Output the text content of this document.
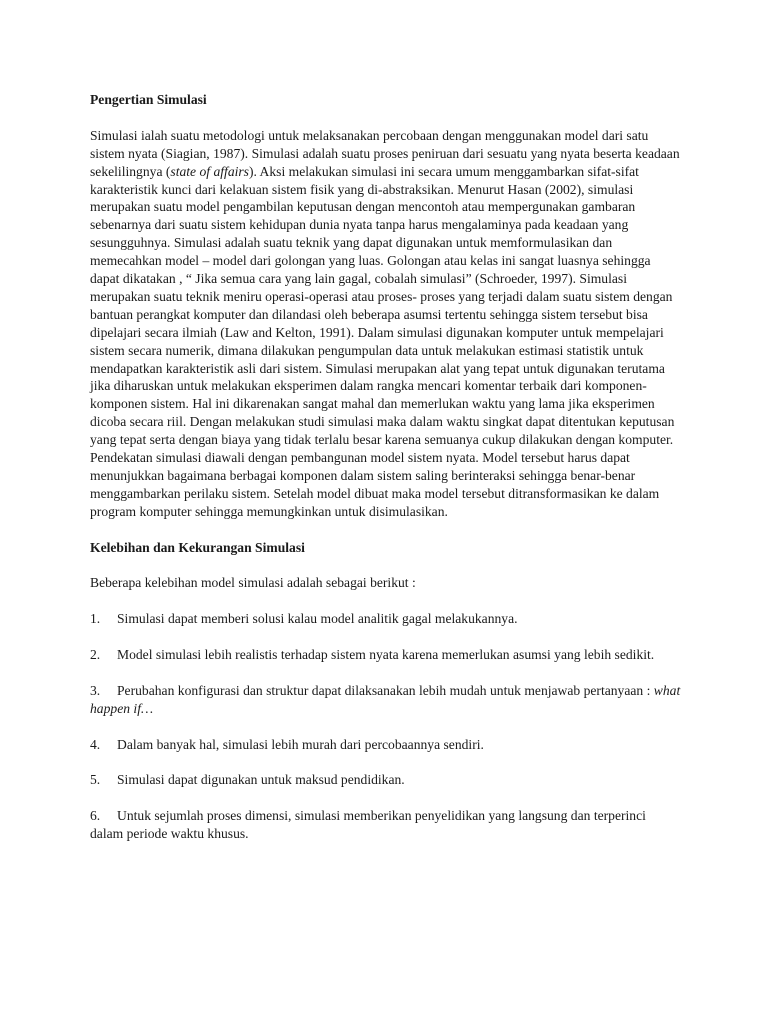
Pengertian Simulasi

Simulasi ialah suatu metodologi untuk melaksanakan percobaan dengan menggunakan model dari satu sistem nyata (Siagian, 1987). Simulasi adalah suatu proses peniruan dari sesuatu yang nyata beserta keadaan sekelilingnya (state of affairs). Aksi melakukan simulasi ini secara umum menggambarkan sifat-sifat karakteristik kunci dari kelakuan sistem fisik yang di-abstraksikan. Menurut Hasan (2002), simulasi merupakan suatu model pengambilan keputusan dengan mencontoh atau mempergunakan gambaran sebenarnya dari suatu sistem kehidupan dunia nyata tanpa harus mengalaminya pada keadaan yang sesungguhnya. Simulasi adalah suatu teknik yang dapat digunakan untuk memformulasikan dan memecahkan model – model dari golongan yang luas. Golongan atau kelas ini sangat luasnya sehingga dapat dikatakan , “ Jika semua cara yang lain gagal, cobalah simulasi” (Schroeder, 1997). Simulasi merupakan suatu teknik meniru operasi-operasi atau proses- proses yang terjadi dalam suatu sistem dengan bantuan perangkat komputer dan dilandasi oleh beberapa asumsi tertentu sehingga sistem tersebut bisa dipelajari secara ilmiah (Law and Kelton, 1991). Dalam simulasi digunakan komputer untuk mempelajari sistem secara numerik, dimana dilakukan pengumpulan data untuk melakukan estimasi statistik untuk mendapatkan karakteristik asli dari sistem. Simulasi merupakan alat yang tepat untuk digunakan terutama jika diharuskan untuk melakukan eksperimen dalam rangka mencari komentar terbaik dari komponen-komponen sistem. Hal ini dikarenakan sangat mahal dan memerlukan waktu yang lama jika eksperimen dicoba secara riil. Dengan melakukan studi simulasi maka dalam waktu singkat dapat ditentukan keputusan yang tepat serta dengan biaya yang tidak terlalu besar karena semuanya cukup dilakukan dengan komputer. Pendekatan simulasi diawali dengan pembangunan model sistem nyata. Model tersebut harus dapat menunjukkan bagaimana berbagai komponen dalam sistem saling berinteraksi sehingga benar-benar menggambarkan perilaku sistem. Setelah model dibuat maka model tersebut ditransformasikan ke dalam program komputer sehingga memungkinkan untuk disimulasikan.

Kelebihan dan Kekurangan Simulasi

Beberapa kelebihan model simulasi adalah sebagai berikut :

1. Simulasi dapat memberi solusi kalau model analitik gagal melakukannya.

2. Model simulasi lebih realistis terhadap sistem nyata karena memerlukan asumsi yang lebih sedikit.

3. Perubahan konfigurasi dan struktur dapat dilaksanakan lebih mudah untuk menjawab pertanyaan : what happen if…

4. Dalam banyak hal, simulasi lebih murah dari percobaannya sendiri.

5. Simulasi dapat digunakan untuk maksud pendidikan.

6. Untuk sejumlah proses dimensi, simulasi memberikan penyelidikan yang langsung dan terperinci dalam periode waktu khusus.
